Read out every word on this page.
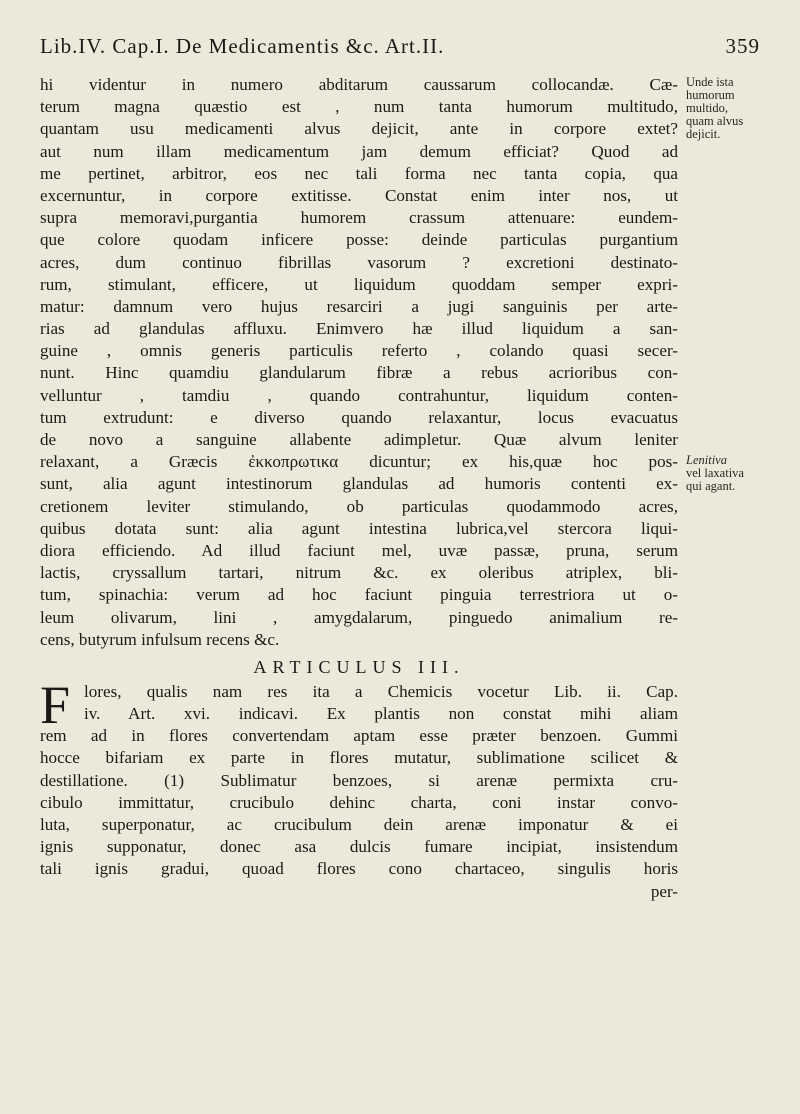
Lib.IV. Cap.I. De Medicamentis &c. Art.II.	359
hi videntur in numero abditarum caussarum collocandæ. Cæ-
terum magna quæstio est , num tanta humorum multitudo,
quantam usu medicamenti alvus dejicit, ante in corpore extet?
aut num illam medicamentum jam demum efficiat? Quod ad
me pertinet, arbitror, eos nec tali forma nec tanta copia, qua
excernuntur, in corpore extitisse. Constat enim inter nos, ut
supra memoravi,purgantia humorem crassum attenuare: eundem-
que colore quodam inficere posse: deinde particulas purgantium
acres, dum continuo fibrillas vasorum ? excretioni destinato-
rum, stimulant, efficere, ut liquidum quoddam semper expri-
matur: damnum vero hujus resarciri a jugi sanguinis per arte-
rias ad glandulas affluxu. Enimvero hæ illud liquidum a san-
guine , omnis generis particulis referto , colando quasi secer-
nunt. Hinc quamdiu glandularum fibræ a rebus acrioribus con-
velluntur , tamdiu , quando contrahuntur, liquidum conten-
tum extrudunt: e diverso quando relaxantur, locus evacuatus
de novo a sanguine allabente adimpletur. Quæ alvum leniter
relaxant, a Græcis ἐκκοπρωτικα dicuntur; ex his,quæ hoc pos-
sunt, alia agunt intestinorum glandulas ad humoris contenti ex-
cretionem leviter stimulando, ob particulas quodammodo acres,
quibus dotata sunt: alia agunt intestina lubrica,vel stercora liqui-
diora efficiendo. Ad illud faciunt mel, uvæ passæ, pruna, serum
lactis, cryssallum tartari, nitrum &c. ex oleribus atriplex, bli-
tum, spinachia: verum ad hoc faciunt pinguia terrestriora ut o-
leum olivarum, lini , amygdalarum, pinguedo animalium re-
cens, butyrum infulsum recens &c.
ARTICULUS III.
F lores, qualis nam res ita a Chemicis vocetur Lib. ii. Cap.
iv. Art. xvi. indicavi. Ex plantis non constat mihi aliam
rem ad in flores convertendam aptam esse præter benzoen. Gummi
hocce bifariam ex parte in flores mutatur, sublimatione scilicet &
destillatione. (1) Sublimatur benzoes, si arenæ permixta cru-
cibulo immittatur, crucibulo dehinc charta, coni instar convo-
luta, superponatur, ac crucibulum dein arenæ imponatur & ei
ignis supponatur, donec asa dulcis fumare incipiat, insistendum
tali ignis gradui, quoad flores cono chartaceo, singulis horis
per-
Unde ista
humorum
multido,
quam alvus
dejicit.
Lenitiva
vel laxativa
qui agant.
